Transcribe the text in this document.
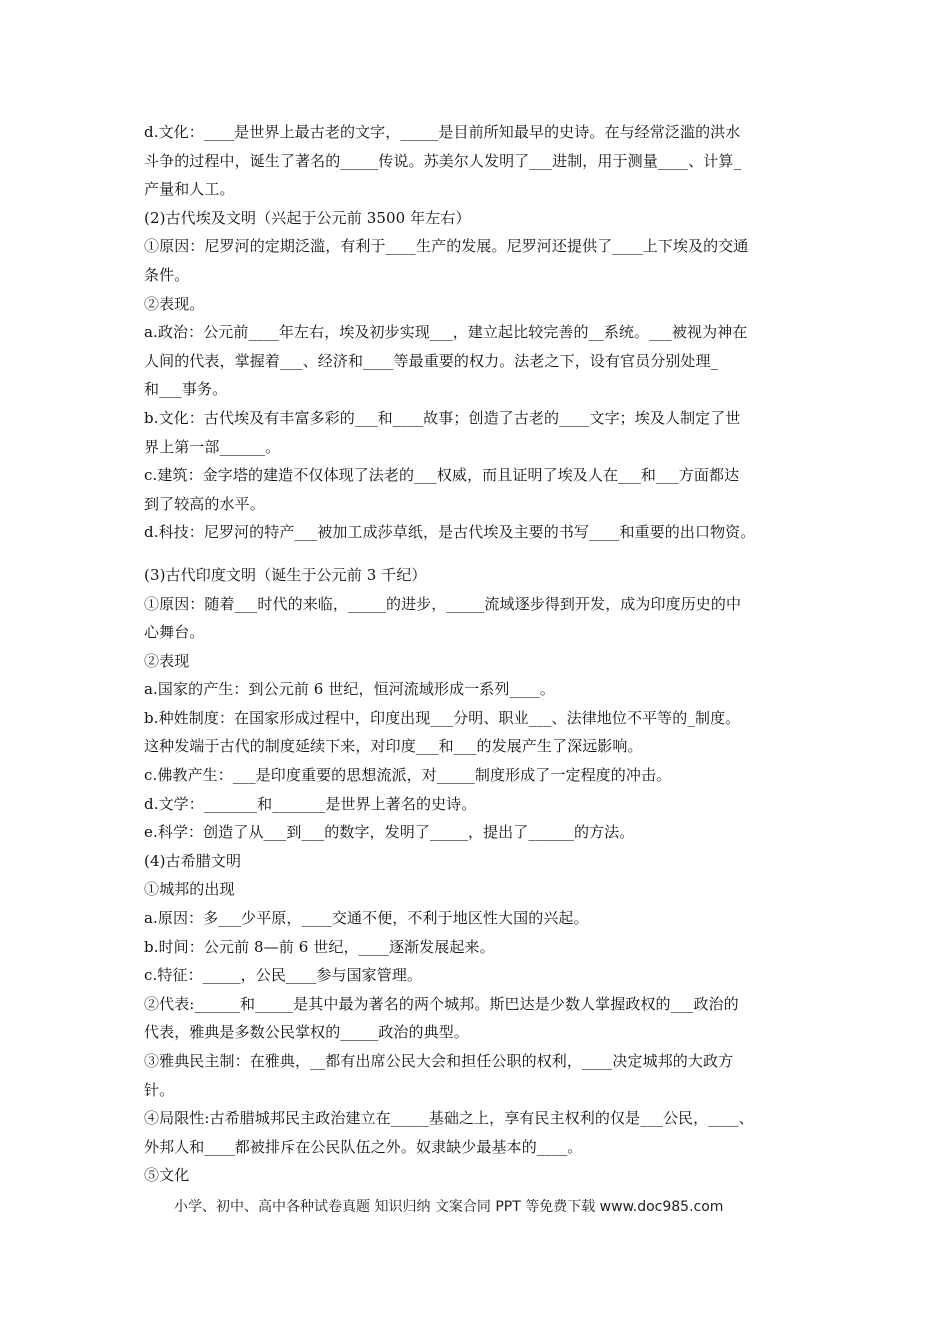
d.文化：____是世界上最古老的文字，_____是目前所知最早的史诗。在与经常泛滥的洪水
斗争的过程中，诞生了著名的_____传说。苏美尔人发明了___进制，用于测量____、计算_
产量和人工。
(2)古代埃及文明（兴起于公元前 3500 年左右）
①原因：尼罗河的定期泛滥，有利于____生产的发展。尼罗河还提供了____上下埃及的交通
条件。
②表现。
a.政治：公元前____年左右，埃及初步实现___，建立起比较完善的__系统。___被视为神在
人间的代表，掌握着___、经济和____等最重要的权力。法老之下，设有官员分别处理_
和___事务。
b.文化：古代埃及有丰富多彩的___和____故事；创造了古老的____文字；埃及人制定了世
界上第一部______。
c.建筑：金字塔的建造不仅体现了法老的___权威，而且证明了埃及人在___和___方面都达
到了较高的水平。
d.科技：尼罗河的特产___被加工成莎草纸，是古代埃及主要的书写____和重要的出口物资。
(3)古代印度文明（诞生于公元前 3 千纪）
①原因：随着___时代的来临，_____的进步，_____流域逐步得到开发，成为印度历史的中
心舞台。
②表现
a.国家的产生：到公元前 6 世纪，恒河流域形成一系列____。
b.种姓制度：在国家形成过程中，印度出现___分明、职业___、法律地位不平等的_制度。
这种发端于古代的制度延续下来，对印度___和___的发展产生了深远影响。
c.佛教产生：___是印度重要的思想流派，对_____制度形成了一定程度的冲击。
d.文学：_______和_______是世界上著名的史诗。
e.科学：创造了从___到___的数字，发明了_____，提出了______的方法。
(4)古希腊文明
①城邦的出现
a.原因：多___少平原，____交通不便，不利于地区性大国的兴起。
b.时间：公元前 8—前 6 世纪，____逐渐发展起来。
c.特征：_____，公民____参与国家管理。
②代表:______和_____是其中最为著名的两个城邦。斯巴达是少数人掌握政权的___政治的
代表，雅典是多数公民掌权的_____政治的典型。
③雅典民主制：在雅典，__都有出席公民大会和担任公职的权利，____决定城邦的大政方
针。
④局限性:古希腊城邦民主政治建立在_____基础之上，享有民主权利的仅是___公民，____、
外邦人和____都被排斥在公民队伍之外。奴隶缺少最基本的____。
⑤文化
小学、初中、高中各种试卷真题 知识归纳 文案合同 PPT 等免费下载 www.doc985.com
